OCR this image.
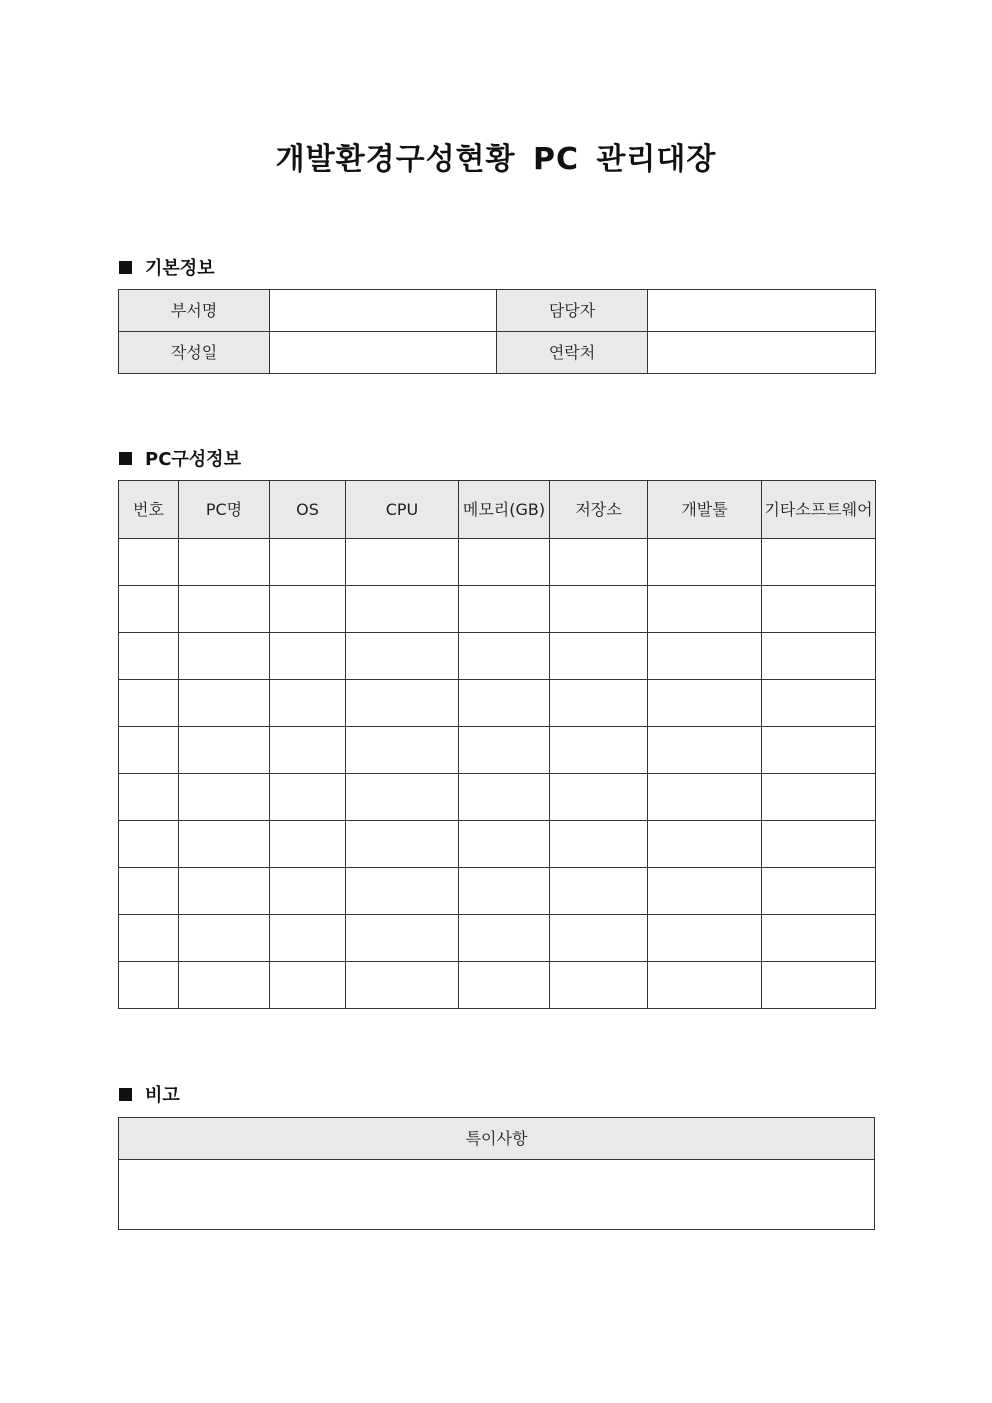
개발환경구성현황 PC 관리대장
기본정보
부서명		담당자	
작성일		연락처	
PC구성정보
번호	PC명	OS	CPU	메모리(GB)	저장소	개발툴	기타소프트웨어

비고
특이사항
